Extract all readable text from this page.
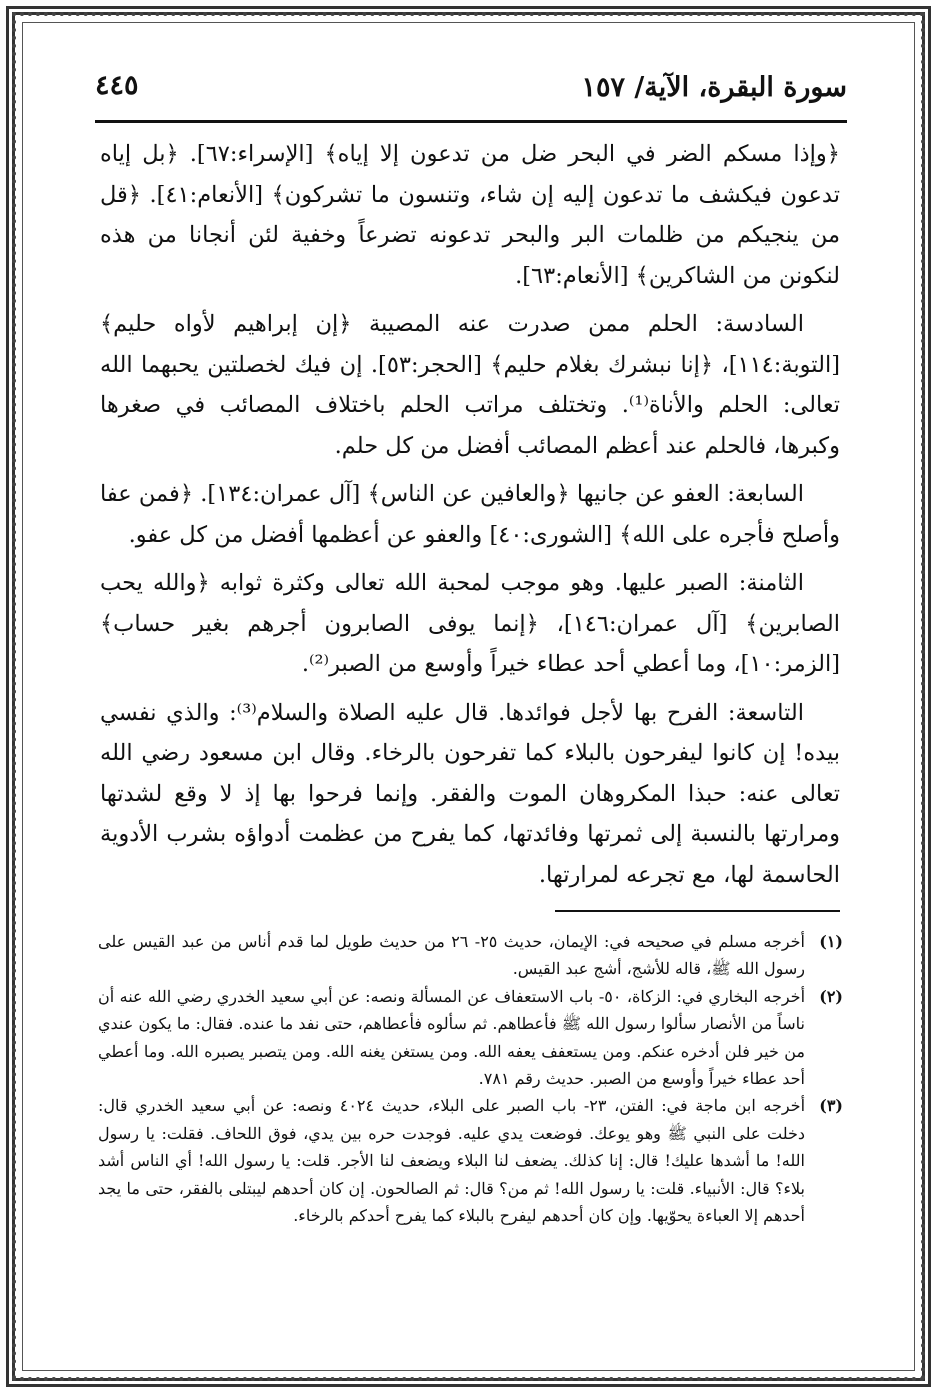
سورة البقرة، الآية/ ١٥٧
٤٤٥

﴿وإذا مسكم الضر في البحر ضل من تدعون إلا إياه﴾ [الإسراء:٦٧]. ﴿بل إياه تدعون فيكشف ما تدعون إليه إن شاء، وتنسون ما تشركون﴾ [الأنعام:٤١]. ﴿قل من ينجيكم من ظلمات البر والبحر تدعونه تضرعاً وخفية لئن أنجانا من هذه لنكونن من الشاكرين﴾ [الأنعام:٦٣].

السادسة: الحلم ممن صدرت عنه المصيبة ﴿إن إبراهيم لأواه حليم﴾ [التوبة:١١٤]، ﴿إنا نبشرك بغلام حليم﴾ [الحجر:٥٣]. إن فيك لخصلتين يحبهما الله تعالى: الحلم والأناة⁽¹⁾. وتختلف مراتب الحلم باختلاف المصائب في صغرها وكبرها، فالحلم عند أعظم المصائب أفضل من كل حلم.

السابعة: العفو عن جانيها ﴿والعافين عن الناس﴾ [آل عمران:١٣٤]. ﴿فمن عفا وأصلح فأجره على الله﴾ [الشورى:٤٠] والعفو عن أعظمها أفضل من كل عفو.

الثامنة: الصبر عليها. وهو موجب لمحبة الله تعالى وكثرة ثوابه ﴿والله يحب الصابرين﴾ [آل عمران:١٤٦]، ﴿إنما يوفى الصابرون أجرهم بغير حساب﴾[الزمر:١٠]، وما أعطي أحد عطاء خيراً وأوسع من الصبر⁽²⁾.

التاسعة: الفرح بها لأجل فوائدها. قال عليه الصلاة والسلام⁽³⁾: والذي نفسي بيده! إن كانوا ليفرحون بالبلاء كما تفرحون بالرخاء. وقال ابن مسعود رضي الله تعالى عنه: حبذا المكروهان الموت والفقر. وإنما فرحوا بها إذ لا وقع لشدتها ومرارتها بالنسبة إلى ثمرتها وفائدتها، كما يفرح من عظمت أدواؤه بشرب الأدوية الحاسمة لها، مع تجرعه لمرارتها.

(١)
أخرجه مسلم في صحيحه في: الإيمان، حديث ٢٥- ٢٦ من حديث طويل لما قدم أناس من عبد القيس على رسول الله ﷺ، قاله للأشج، أشج عبد القيس.
(٢)
أخرجه البخاري في: الزكاة، ٥٠- باب الاستعفاف عن المسألة ونصه: عن أبي سعيد الخدري رضي الله عنه أن ناساً من الأنصار سألوا رسول الله ﷺ فأعطاهم. ثم سألوه فأعطاهم، حتى نفد ما عنده. فقال: ما يكون عندي من خير فلن أدخره عنكم. ومن يستعفف يعفه الله. ومن يستغن يغنه الله. ومن يتصبر يصبره الله. وما أعطي أحد عطاء خيراً وأوسع من الصبر. حديث رقم ٧٨١.
(٣)
أخرجه ابن ماجة في: الفتن، ٢٣- باب الصبر على البلاء، حديث ٤٠٢٤ ونصه: عن أبي سعيد الخدري قال: دخلت على النبي ﷺ وهو يوعك. فوضعت يدي عليه. فوجدت حره بين يدي، فوق اللحاف. فقلت: يا رسول الله! ما أشدها عليك! قال: إنا كذلك. يضعف لنا البلاء ويضعف لنا الأجر. قلت: يا رسول الله! أي الناس أشد بلاء؟ قال: الأنبياء. قلت: يا رسول الله! ثم من؟ قال: ثم الصالحون. إن كان أحدهم ليبتلى بالفقر، حتى ما يجد أحدهم إلا العباءة يحوّيها. وإن كان أحدهم ليفرح بالبلاء كما يفرح أحدكم بالرخاء.
